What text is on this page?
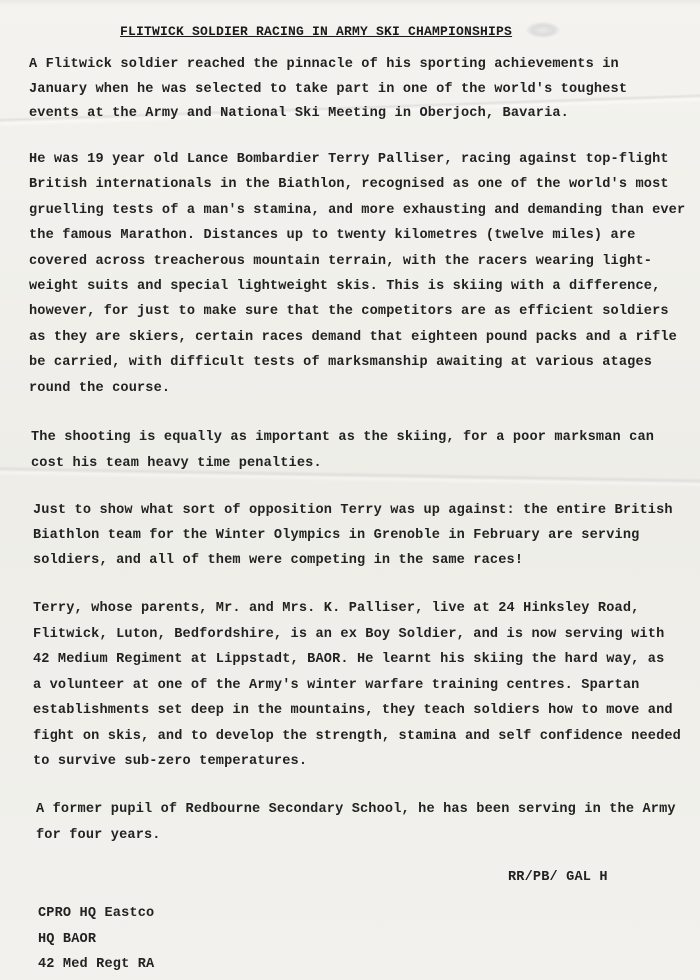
FLITWICK SOLDIER RACING IN ARMY SKI CHAMPIONSHIPS
A Flitwick soldier reached the pinnacle of his sporting achievements in
January when he was selected to take part in one of the world's toughest
events at the Army and National Ski Meeting in Oberjoch, Bavaria.
He was 19 year old Lance Bombardier Terry Palliser, racing against top-flight
British internationals in the Biathlon, recognised as one of the world's most
gruelling tests of a man's stamina, and more exhausting and demanding than ever
the famous Marathon. Distances up to twenty kilometres (twelve miles) are
covered across treacherous mountain terrain, with the racers wearing light-
weight suits and special lightweight skis. This is skiing with a difference,
however, for just to make sure that the competitors are as efficient soldiers
as they are skiers, certain races demand that eighteen pound packs and a rifle
be carried, with difficult tests of marksmanship awaiting at various atages
round the course.
The shooting is equally as important as the skiing, for a poor marksman can
cost his team heavy time penalties.
Just to show what sort of opposition Terry was up against: the entire British
Biathlon team for the Winter Olympics in Grenoble in February are serving
soldiers, and all of them were competing in the same races!
Terry, whose parents, Mr. and Mrs. K. Palliser, live at 24 Hinksley Road,
Flitwick, Luton, Bedfordshire, is an ex Boy Soldier, and is now serving with
42 Medium Regiment at Lippstadt, BAOR. He learnt his skiing the hard way, as
a volunteer at one of the Army's winter warfare training centres. Spartan
establishments set deep in the mountains, they teach soldiers how to move and
fight on skis, and to develop the strength, stamina and self confidence needed
to survive sub-zero temperatures.
A former pupil of Redbourne Secondary School, he has been serving in the Army
for four years.
RR/PB/ GAL H
CPRO HQ Eastco
HQ BAOR
42 Med Regt RA
